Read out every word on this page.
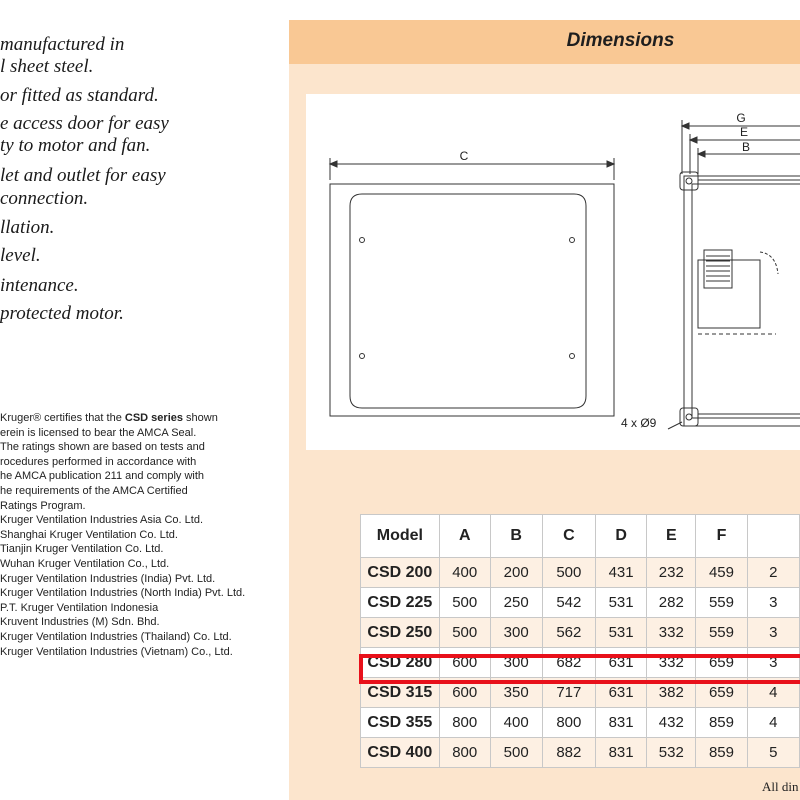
manufactured in
l sheet steel.
or fitted as standard.
e access door for easy
ty to motor and fan.
let and outlet for easy
connection.
llation.
level.
intenance.
protected motor.
Kruger® certifies that the CSD series shown
erein is licensed to bear the AMCA Seal.
The ratings shown are based on tests and
rocedures performed in accordance with
he AMCA publication 211 and comply with
he requirements of the AMCA Certified
Ratings Program.
Kruger Ventilation Industries Asia Co. Ltd.
Shanghai Kruger Ventilation Co. Ltd.
Tianjin Kruger Ventilation Co. Ltd.
Wuhan Kruger Ventilation Co., Ltd.
Kruger Ventilation Industries (India) Pvt. Ltd.
Kruger Ventilation Industries (North India) Pvt. Ltd.
P.T. Kruger Ventilation Indonesia
Kruvent Industries (M) Sdn. Bhd.
Kruger Ventilation Industries (Thailand) Co. Ltd.
Kruger Ventilation Industries (Vietnam) Co., Ltd.
Dimensions
C
G
E
B
4 x Ø9
Model	A	B	C	D	E	F	
CSD 200	400	200	500	431	232	459	2
CSD 225	500	250	542	531	282	559	3
CSD 250	500	300	562	531	332	559	3
CSD 280	600	300	682	631	332	659	3
CSD 315	600	350	717	631	382	659	4
CSD 355	800	400	800	831	432	859	4
CSD 400	800	500	882	831	532	859	5
All din
